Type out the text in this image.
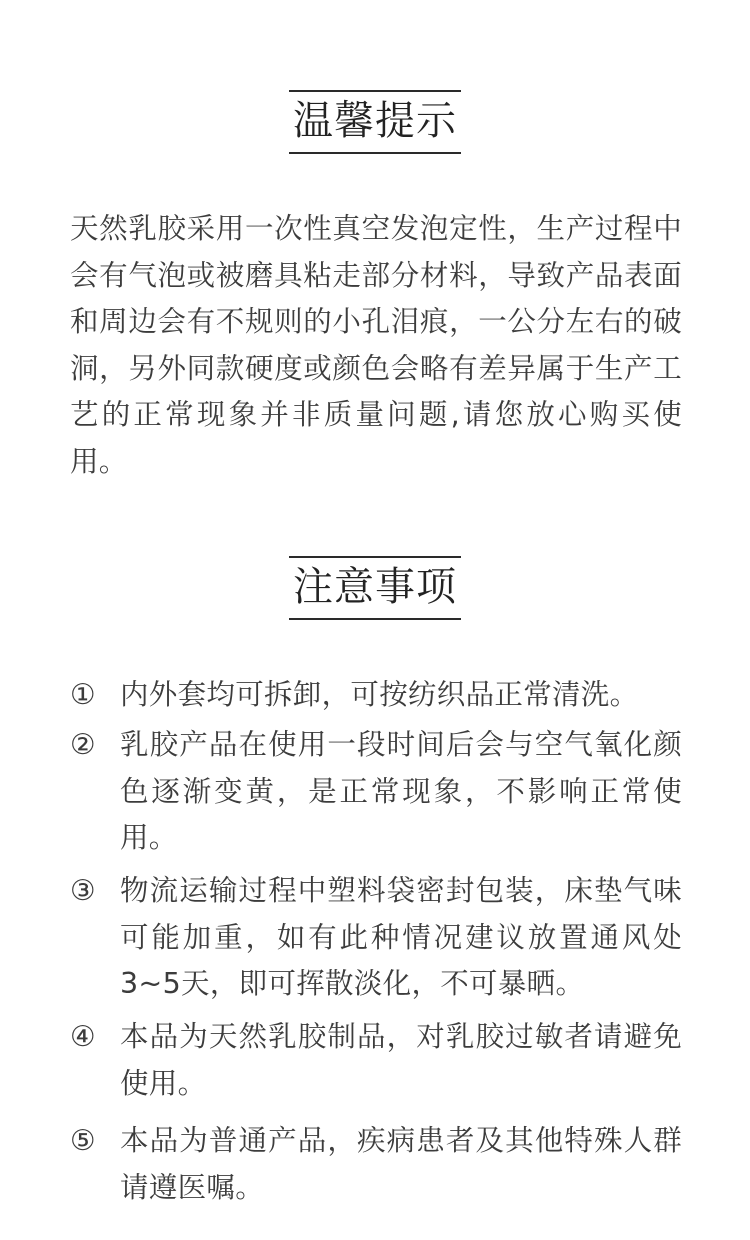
温馨提示
天然乳胶采用一次性真空发泡定性，生产过程中会有气泡或被磨具粘走部分材料，导致产品表面和周边会有不规则的小孔泪痕，一公分左右的破洞，另外同款硬度或颜色会略有差异属于生产工艺的正常现象并非质量问题,请您放心购买使用。
注意事项
① 内外套均可拆卸，可按纺织品正常清洗。
② 乳胶产品在使用一段时间后会与空气氧化颜色逐渐变黄，是正常现象，不影响正常使用。
③ 物流运输过程中塑料袋密封包装，床垫气味可能加重，如有此种情况建议放置通风处3~5天，即可挥散淡化，不可暴晒。
④ 本品为天然乳胶制品，对乳胶过敏者请避免使用。
⑤ 本品为普通产品，疾病患者及其他特殊人群请遵医嘱。
